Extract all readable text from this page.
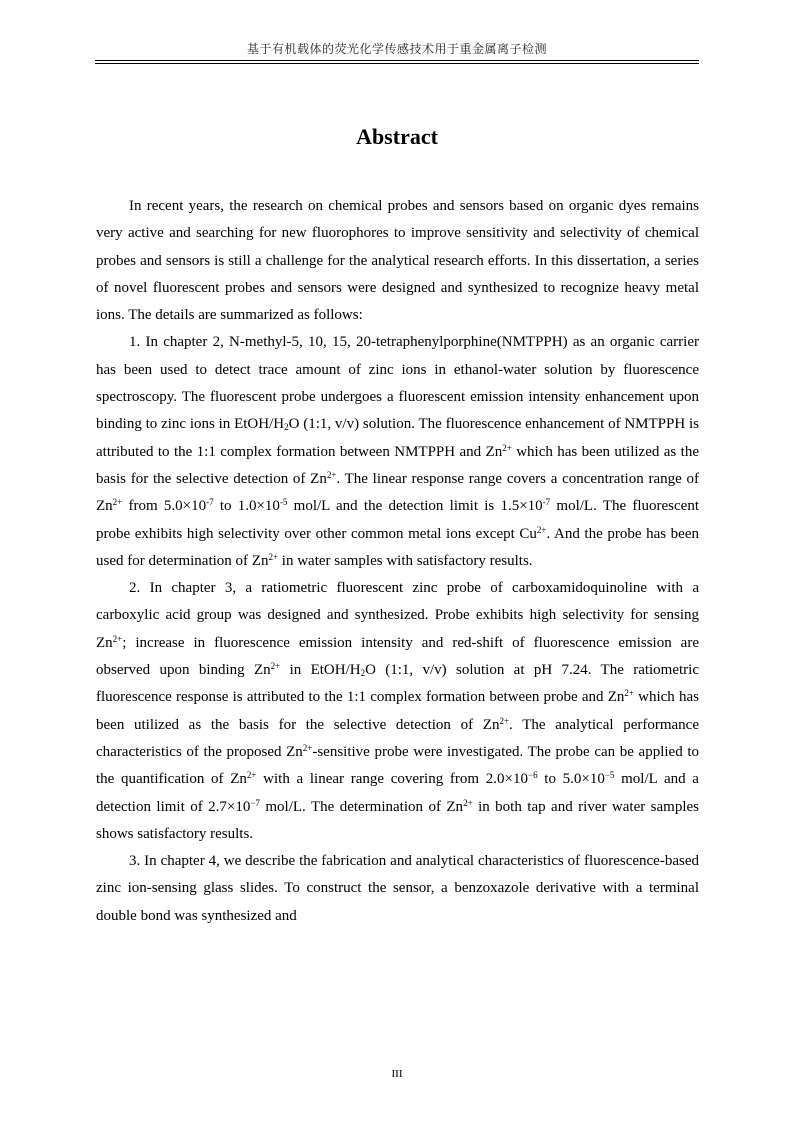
基于有机载体的荧光化学传感技术用于重金属离子检测
Abstract

In recent years, the research on chemical probes and sensors based on organic dyes remains very active and searching for new fluorophores to improve sensitivity and selectivity of chemical probes and sensors is still a challenge for the analytical research efforts. In this dissertation, a series of novel fluorescent probes and sensors were designed and synthesized to recognize heavy metal ions. The details are summarized as follows:

1. In chapter 2, N-methyl-5, 10, 15, 20-tetraphenylporphine(NMTPPH) as an organic carrier has been used to detect trace amount of zinc ions in ethanol-water solution by fluorescence spectroscopy. The fluorescent probe undergoes a fluorescent emission intensity enhancement upon binding to zinc ions in EtOH/$H_2O$ (1:1, v/v) solution. The fluorescence enhancement of NMTPPH is attributed to the 1:1 complex formation between NMTPPH and $Zn^{2+}$ which has been utilized as the basis for the selective detection of $Zn^{2+}$. The linear response range covers a concentration range of $Zn^{2+}$ from $5.0\times 10^{-7}$ to $1.0\times 10^{-5}$ mol/L and the detection limit is $1.5\times 10^{-7}$ mol/L. The fluorescent probe exhibits high selectivity over other common metal ions except $Cu^{2+}$. And the probe has been used for determination of $Zn^{2+}$ in water samples with satisfactory results.

2. In chapter 3, a ratiometric fluorescent zinc probe of carboxamidoquinoline with a carboxylic acid group was designed and synthesized. Probe exhibits high selectivity for sensing $Zn^{2+}$; increase in fluorescence emission intensity and red-shift of fluorescence emission are observed upon binding $Zn^{2+}$ in EtOH/$H_2O$ (1:1, v/v) solution at pH 7.24. The ratiometric fluorescence response is attributed to the 1:1 complex formation between probe and $Zn^{2+}$ which has been utilized as the basis for the selective detection of $Zn^{2+}$. The analytical performance characteristics of the proposed $Zn^{2+}$-sensitive probe were investigated. The probe can be applied to the quantification of $Zn^{2+}$ with a linear range covering from $2.0\times 10^{-6}$ to $5.0\times 10^{-5}$ mol/L and a detection limit of $2.7\times 10^{-7}$ mol/L. The determination of $Zn^{2+}$ in both tap and river water samples shows satisfactory results.

3. In chapter 4, we describe the fabrication and analytical characteristics of fluorescence-based zinc ion-sensing glass slides. To construct the sensor, a benzoxazole derivative with a terminal double bond was synthesized and

III
